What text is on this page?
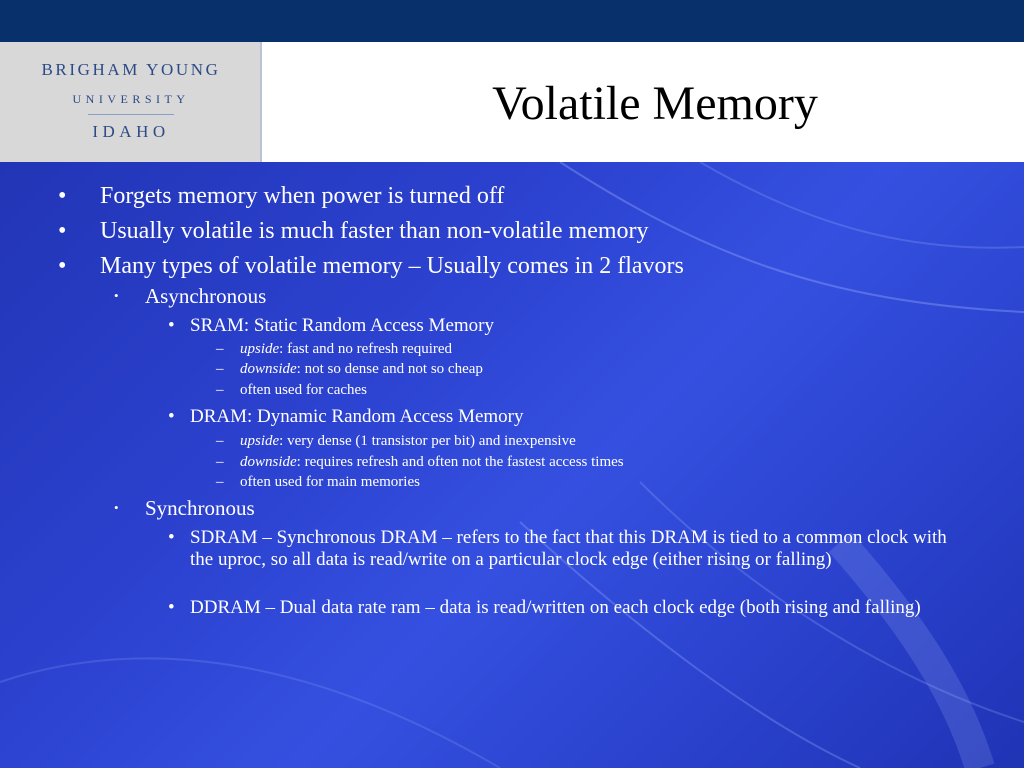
BRIGHAM YOUNG
UNIVERSITY
IDAHO
Volatile Memory
• Forgets memory when power is turned off
• Usually volatile is much faster than non-volatile memory
• Many types of volatile memory – Usually comes in 2 flavors
• Asynchronous
• SRAM: Static Random Access Memory
– upside: fast and no refresh required
– downside: not so dense and not so cheap
– often used for caches
• DRAM: Dynamic Random Access Memory
– upside: very dense (1 transistor per bit) and inexpensive
– downside: requires refresh and often not the fastest access times
– often used for main memories
• Synchronous
• SDRAM – Synchronous DRAM – refers to the fact that this DRAM is tied to a common clock with the uproc, so all data is read/write on a particular clock edge (either rising or falling)
• DDRAM – Dual data rate ram – data is read/written on each clock edge (both rising and falling)
